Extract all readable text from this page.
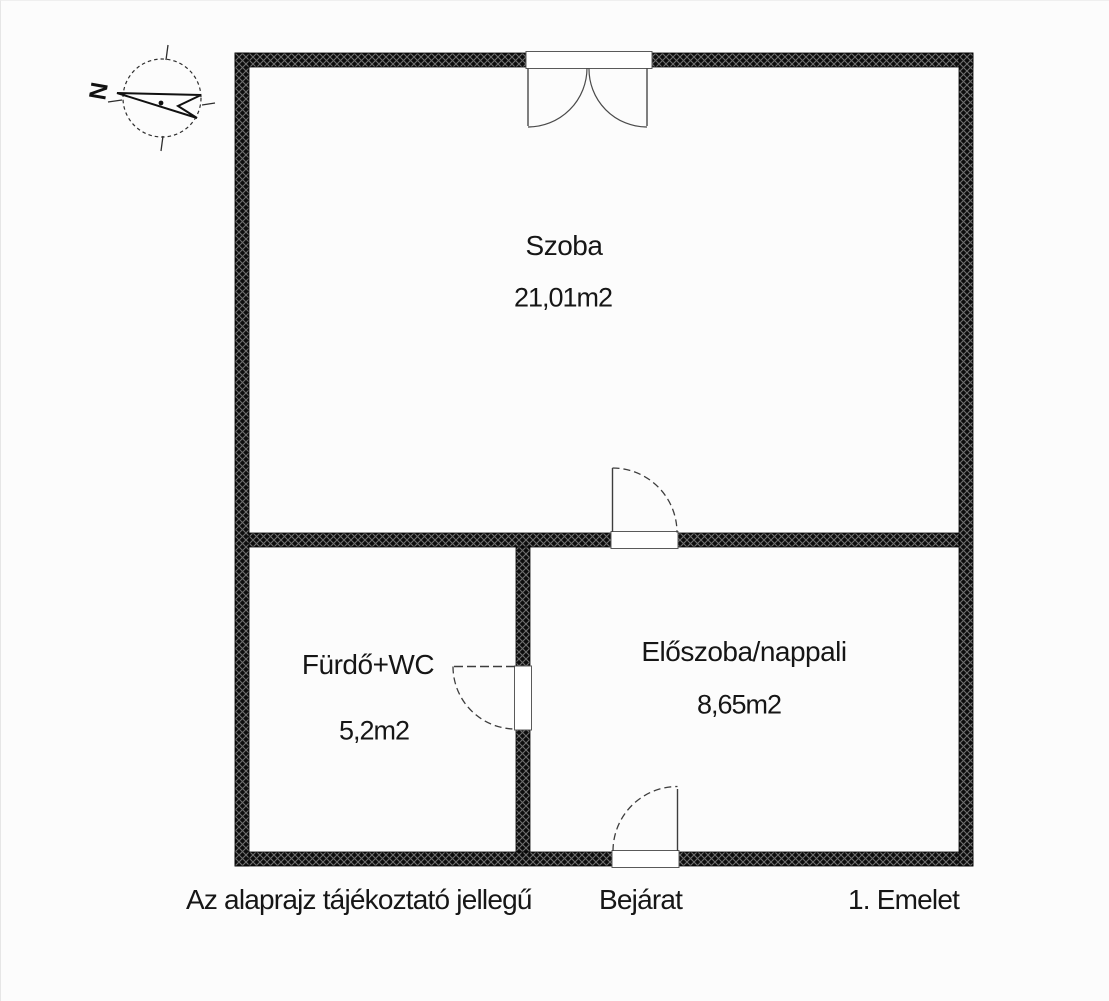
N
Szoba
21,01m2
Fürdő+WC
5,2m2
Előszoba/nappali
8,65m2
Az alaprajz tájékoztató jellegű Bejárat	1. Emelet
